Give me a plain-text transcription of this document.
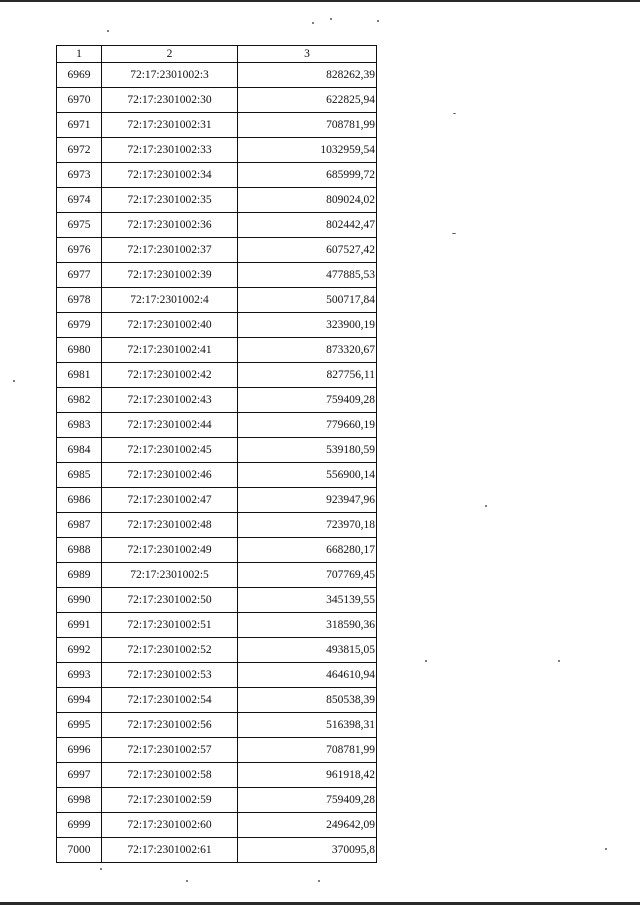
1	2	3
6969	72:17:2301002:3	828262,39
6970	72:17:2301002:30	622825,94
6971	72:17:2301002:31	708781,99
6972	72:17:2301002:33	1032959,54
6973	72:17:2301002:34	685999,72
6974	72:17:2301002:35	809024,02
6975	72:17:2301002:36	802442,47
6976	72:17:2301002:37	607527,42
6977	72:17:2301002:39	477885,53
6978	72:17:2301002:4	500717,84
6979	72:17:2301002:40	323900,19
6980	72:17:2301002:41	873320,67
6981	72:17:2301002:42	827756,11
6982	72:17:2301002:43	759409,28
6983	72:17:2301002:44	779660,19
6984	72:17:2301002:45	539180,59
6985	72:17:2301002:46	556900,14
6986	72:17:2301002:47	923947,96
6987	72:17:2301002:48	723970,18
6988	72:17:2301002:49	668280,17
6989	72:17:2301002:5	707769,45
6990	72:17:2301002:50	345139,55
6991	72:17:2301002:51	318590,36
6992	72:17:2301002:52	493815,05
6993	72:17:2301002:53	464610,94
6994	72:17:2301002:54	850538,39
6995	72:17:2301002:56	516398,31
6996	72:17:2301002:57	708781,99
6997	72:17:2301002:58	961918,42
6998	72:17:2301002:59	759409,28
6999	72:17:2301002:60	249642,09
7000	72:17:2301002:61	370095,8
